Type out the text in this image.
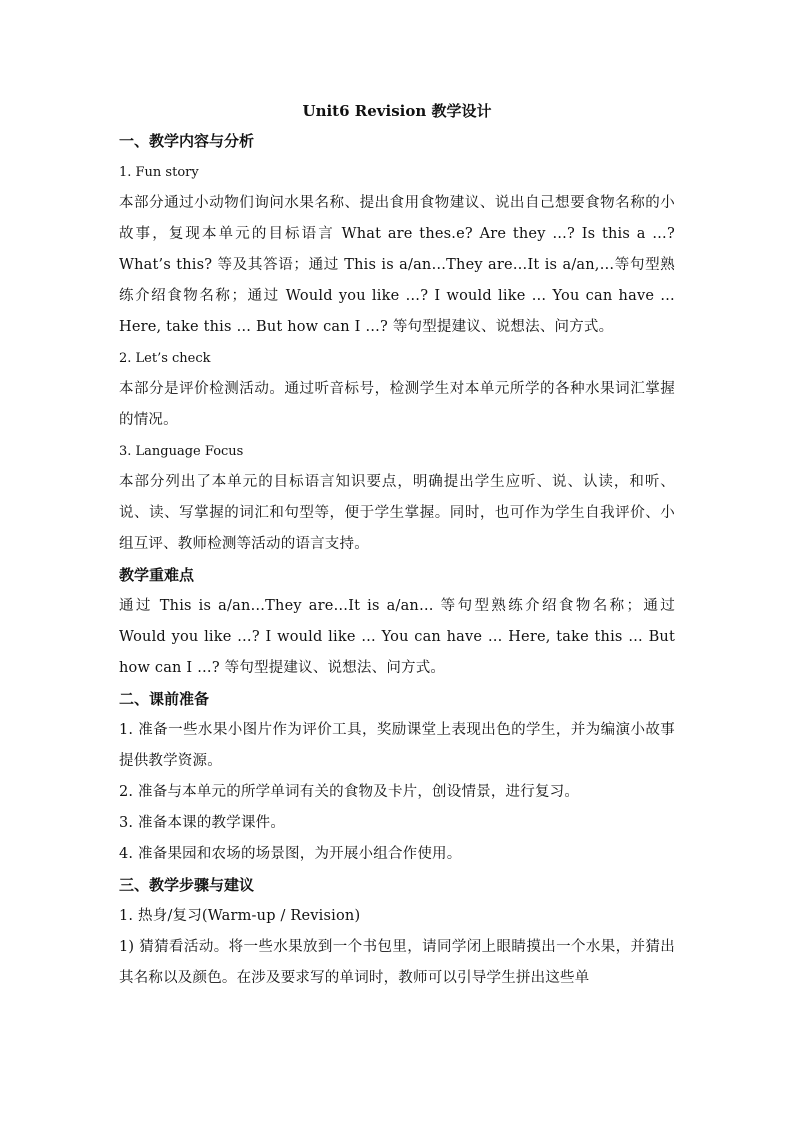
Unit6 Revision 教学设计

一、教学内容与分析

1. Fun story

本部分通过小动物们询问水果名称、提出食用食物建议、说出自己想要食物名称的小故事，复现本单元的目标语言 What are thes.e? Are they …? Is this a …? What’s this? 等及其答语；通过 This is a/an…They are…It is a/an,…等句型熟练介绍食物名称；通过 Would you like …? I would like … You can have … Here, take this … But how can I …? 等句型提建议、说想法、问方式。

2. Let’s check

本部分是评价检测活动。通过听音标号，检测学生对本单元所学的各种水果词汇掌握的情况。

3. Language Focus

本部分列出了本单元的目标语言知识要点，明确提出学生应听、说、认读，和听、说、读、写掌握的词汇和句型等，便于学生掌握。同时，也可作为学生自我评价、小组互评、教师检测等活动的语言支持。

教学重难点

通过 This is a/an…They are…It is a/an… 等句型熟练介绍食物名称；通过 Would you like …? I would like … You can have … Here, take this … But how can I …? 等句型提建议、说想法、问方式。

二、课前准备

1. 准备一些水果小图片作为评价工具，奖励课堂上表现出色的学生，并为编演小故事提供教学资源。

2. 准备与本单元的所学单词有关的食物及卡片，创设情景，进行复习。

3. 准备本课的教学课件。

4. 准备果园和农场的场景图，为开展小组合作使用。

三、教学步骤与建议

1. 热身/复习(Warm-up / Revision)

1) 猜猜看活动。将一些水果放到一个书包里，请同学闭上眼睛摸出一个水果，并猜出其名称以及颜色。在涉及要求写的单词时，教师可以引导学生拼出这些单
